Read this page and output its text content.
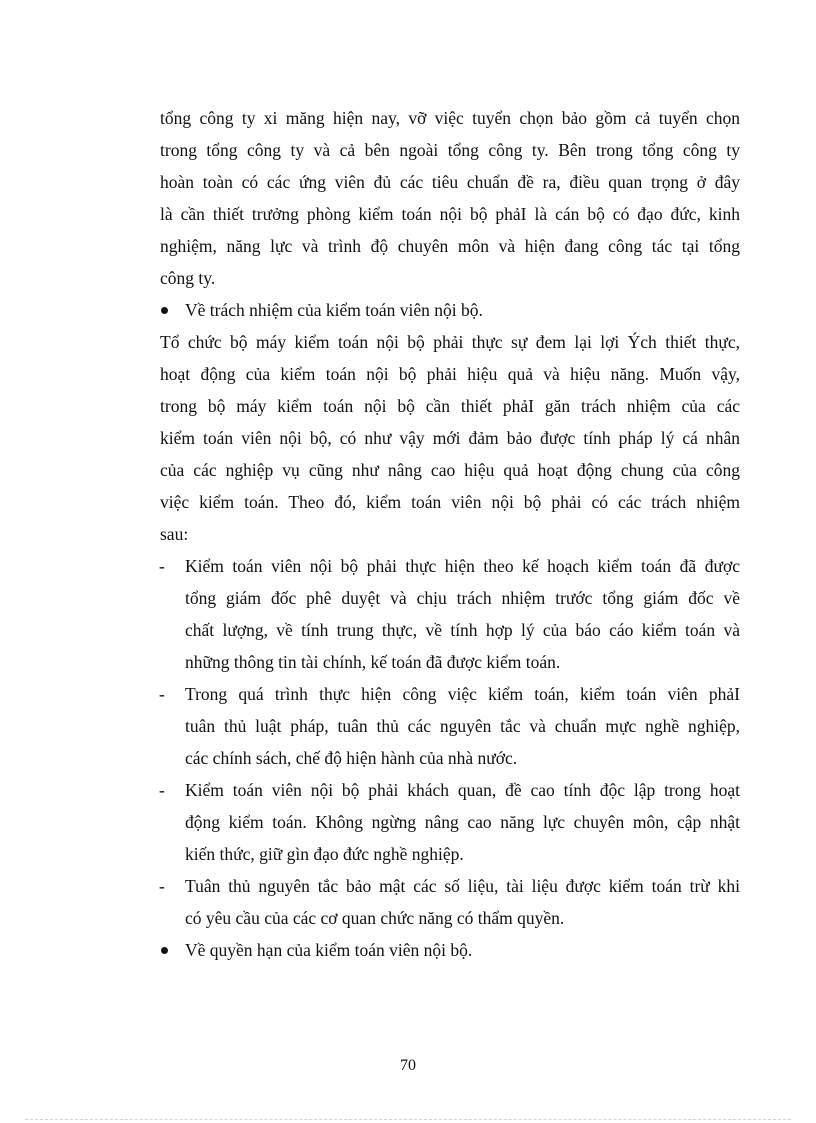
tổng công ty xi măng hiện nay, vỡ việc tuyển chọn bảo gồm cả tuyển chọn
trong tổng công ty và cả bên ngoài tổng công ty. Bên trong tổng công ty
hoàn toàn có các ứng viên đủ các tiêu chuẩn đề ra, điều quan trọng ở đây
là cần thiết trưởng phòng kiểm toán nội bộ phảI là cán bộ có đạo đức, kinh
nghiệm, năng lực và trình độ chuyên môn và hiện đang công tác tại tổng
công ty.
Về trách nhiệm của kiểm toán viên nội bộ.
Tổ chức bộ máy kiểm toán nội bộ phải thực sự đem lại lợi Ých thiết thực,
hoạt động của kiểm toán nội bộ phải hiệu quả và hiệu năng. Muốn vậy,
trong bộ máy kiểm toán nội bộ cần thiết phảI găn trách nhiệm của các
kiểm toán viên nội bộ, có như vậy mới đảm bảo được tính pháp lý cá nhân
của các nghiệp vụ cũng như nâng cao hiệu quả hoạt động chung của công
việc kiểm toán. Theo đó, kiểm toán viên nội bộ phải có các trách nhiệm
sau:
- Kiểm toán viên nội bộ phải thực hiện theo kế hoạch kiểm toán đã được
tổng giám đốc phê duyệt và chịu trách nhiệm trước tổng giám đốc về
chất lượng, về tính trung thực, về tính hợp lý của báo cáo kiểm toán và
những thông tin tài chính, kế toán đã được kiểm toán.
- Trong quá trình thực hiện công việc kiểm toán, kiểm toán viên phảI
tuân thủ luật pháp, tuân thủ các nguyên tắc và chuẩn mực nghề nghiệp,
các chính sách, chế độ hiện hành của nhà nước.
- Kiểm toán viên nội bộ phải khách quan, đề cao tính độc lập trong hoạt
động kiểm toán. Không ngừng nâng cao năng lực chuyên môn, cập nhật
kiến thức, giữ gìn đạo đức nghề nghiệp.
- Tuân thủ nguyên tắc bảo mật các số liệu, tài liệu được kiểm toán trừ khi
có yêu cầu của các cơ quan chức năng có thẩm quyền.
Về quyền hạn của kiểm toán viên nội bộ.
70
